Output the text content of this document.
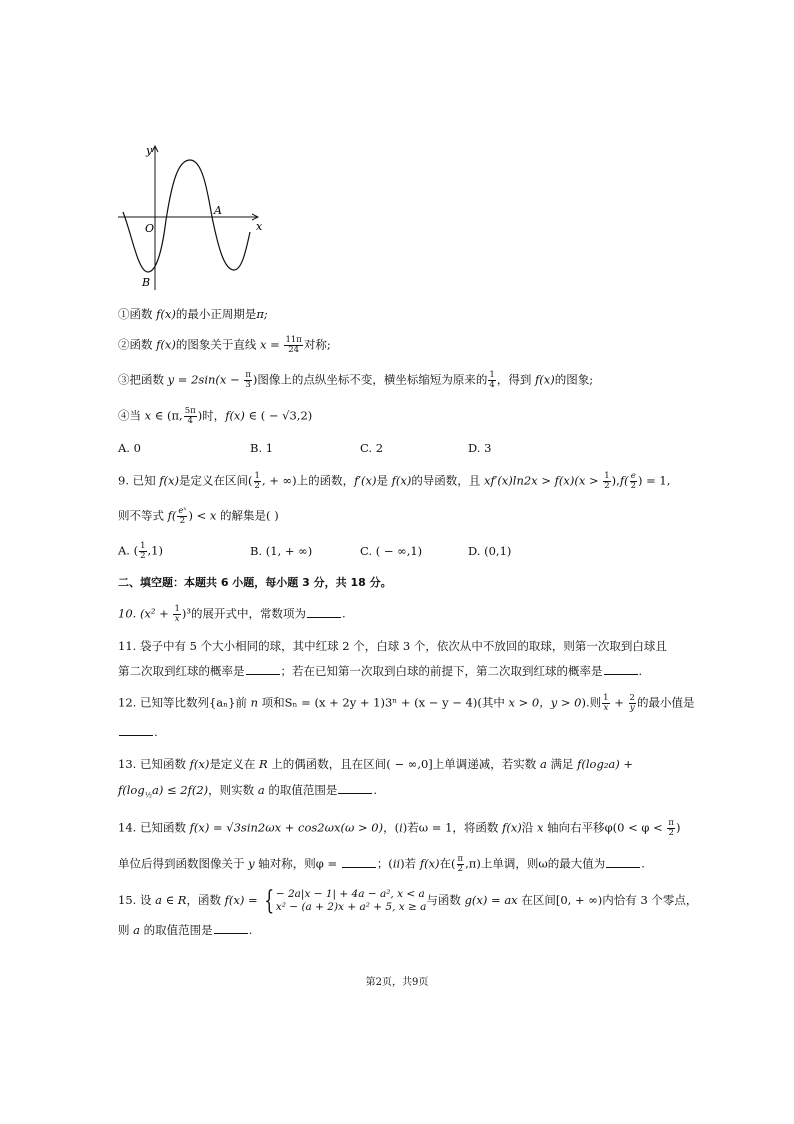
y
x
O
A
B
①函数 f(x)的最小正周期是π;
②函数 f(x)的图象关于直线 $x = \frac{11\pi}{24}$ 对称;
③把函数 $y = 2\sin(x - \frac{\pi}{3}$ )图像上的点纵坐标不变，横坐标缩短为原来的 $\frac{1}{4}$ ，得到 f(x)的图象;
④当 x ∈ (π, $\frac{5\pi}{4}$ )时，f(x) ∈ ( − √3,2)
A. 0	B. 1	C. 2	D. 3
9. 已知 f(x)是定义在区间( $\frac{1}{2}$ , + ∞)上的函数，f′(x)是 f(x)的导函数，且 $xf'(x)\ln 2x > f(x)(x > \frac{1}{2} ),f( \frac{e}{2}$ ) = 1,
则不等式 $f( \frac{\text{eˣ}}{2}$ ) < x 的解集是( )
A. ( $\frac{1}{2} ,1$)	B. (1, + ∞)	C. ( − ∞,1)	D. (0,1)
二、填空题：本题共 6 小题，每小题 3 分，共 18 分。
10. $(x^2 + \frac{1}{x} )^3$的展开式中，常数项为	.
11. 袋子中有 5 个大小相同的球，其中红球 2 个，白球 3 个，依次从中不放回的取球，则第一次取到白球且
第二次取到红球的概率是	；若在已知第一次取到白球的前提下，第二次取到红球的概率是	.
12. 已知等比数列{aₙ}前 n 项和Sₙ = (x + 2y + 1)3ⁿ + (x − y − 4)(其中 x > 0，y > 0).则 $\frac{1}{x} + \frac{2}{y}$ 的最小值是
.
13. 已知函数 f(x)是定义在 R 上的偶函数，且在区间( − ∞,0]上单调递减，若实数 a 满足 f(log₂a) +
$f(\log_{\frac{1}{2}}a) \le 2f(2)$，则实数 a 的取值范围是	.
14. 已知函数 f(x) = √3sin2ωx + cos2ωx(ω > 0)，(i)若ω = 1，将函数 f(x)沿 x 轴向右平移$\varphi(0 < \varphi < \frac{\pi}{2}$ )
单位后得到函数图像关于 y 轴对称，则φ =	；(ii)若 f(x)在( $\frac{\pi}{2} ,\pi$)上单调，则ω的最大值为	.
15. 设 a ∈ R，函数 f(x) = { − 2a|x − 1| + 4a − a², x < a
x² − (a + 2)x + a² + 5, x ≥ a 与函数 g(x) = ax 在区间[0, + ∞)内恰有 3 个零点，
则 a 的取值范围是	.
第2页，共9页
